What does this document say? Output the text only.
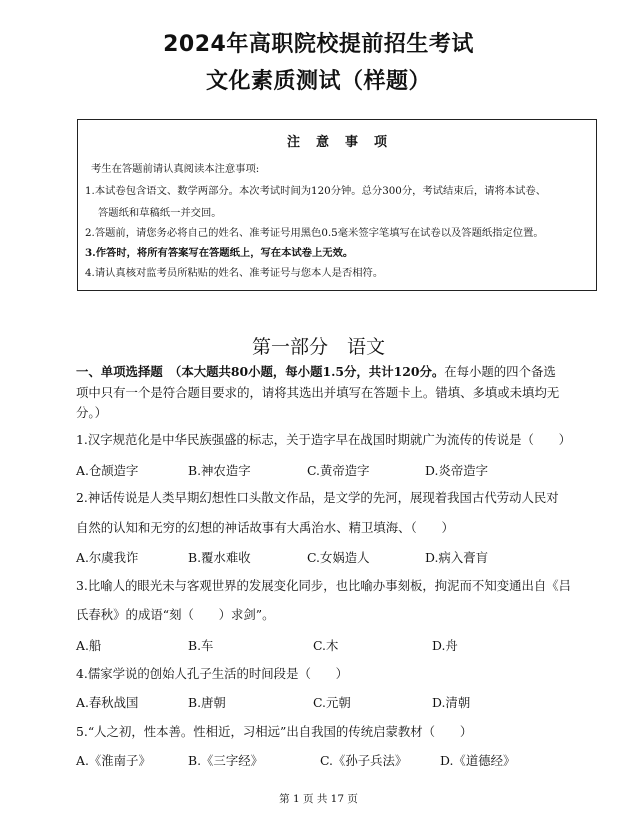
2024年高职院校提前招生考试
文化素质测试（样题）
注意事项
考生在答题前请认真阅读本注意事项:
1.本试卷包含语文、数学两部分。本次考试时间为120分钟。总分300分，考试结束后，请将本试卷、
答题纸和草稿纸一并交回。
2.答题前，请您务必将自己的姓名、准考证号用黑色0.5毫米签字笔填写在试卷以及答题纸指定位置。
3.作答时，将所有答案写在答题纸上，写在本试卷上无效。
4.请认真核对监考员所粘贴的姓名、准考证号与您本人是否相符。
第一部分　语文
一、单项选择题　（本大题共80小题，每小题1.5分，共计120分。在每小题的四个备选
项中只有一个是符合题目要求的，请将其选出并填写在答题卡上。错填、多填或未填均无
分。）
1.汉字规范化是中华民族强盛的标志，关于造字早在战国时期就广为流传的传说是（　　）
A.仓颉造字	B.神农造字	C.黄帝造字	D.炎帝造字
2.神话传说是人类早期幻想性口头散文作品，是文学的先河，展现着我国古代劳动人民对
自然的认知和无穷的幻想的神话故事有大禹治水、精卫填海、（　　）
A.尔虞我诈	B.覆水难收	C.女娲造人	D.病入膏肓
3.比喻人的眼光未与客观世界的发展变化同步，也比喻办事刻板，拘泥而不知变通出自《吕
氏春秋》的成语“刻（　　）求剑”。
A.船	B.车	C.木	D.舟
4.儒家学说的创始人孔子生活的时间段是（　　）
A.春秋战国	B.唐朝	C.元朝	D.清朝
5.“人之初，性本善。性相近，习相远”出自我国的传统启蒙教材（　　）
A.《淮南子》	B.《三字经》	C.《孙子兵法》	D.《道德经》
第 1 页 共 17 页
